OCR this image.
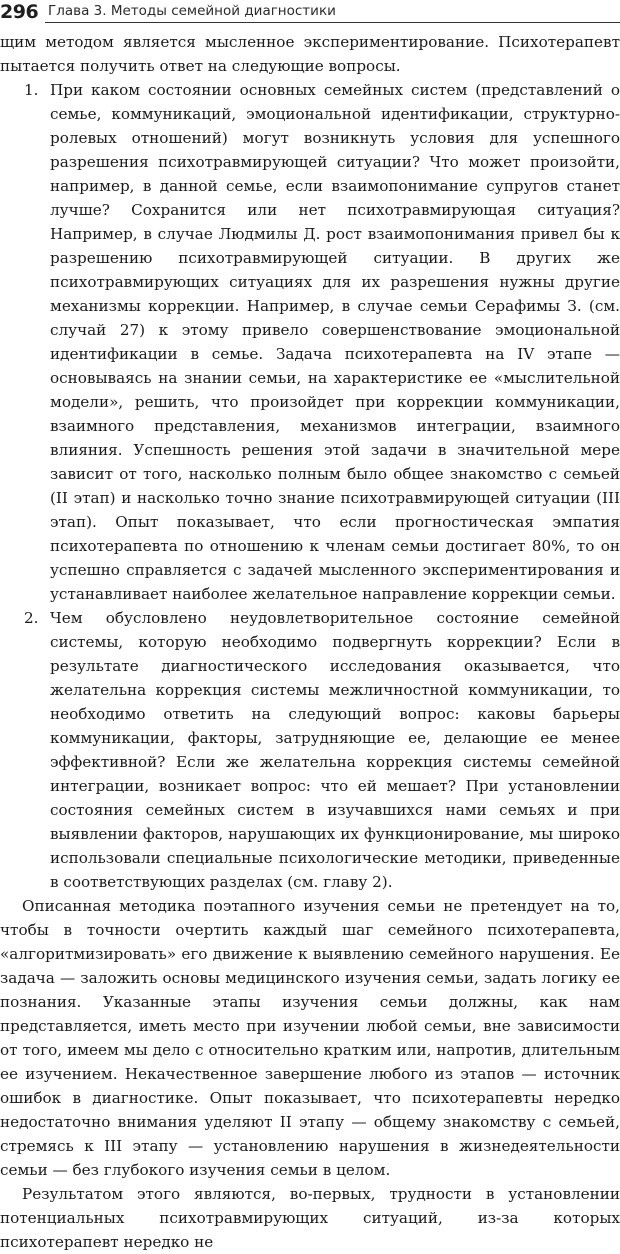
296 Глава 3. Методы семейной диагностики

щим методом является мысленное экспериментирование. Психотерапевт пытается получить ответ на следующие вопросы.

1. При каком состоянии основных семейных систем (представлений о семье, коммуникаций, эмоциональной идентификации, структурно-ролевых отношений) могут возникнуть условия для успешного разрешения психотравмирующей ситуации? Что может произойти, например, в данной семье, если взаимопонимание супругов станет лучше? Сохранится или нет психотравмирующая ситуация? Например, в случае Людмилы Д. рост взаимопонимания привел бы к разрешению психотравмирующей ситуации. В других же психотравмирующих ситуациях для их разрешения нужны другие механизмы коррекции. Например, в случае семьи Серафимы З. (см. случай 27) к этому привело совершенствование эмоциональной идентификации в семье. Задача психотерапевта на IV этапе — основываясь на знании семьи, на характеристике ее «мыслительной модели», решить, что произойдет при коррекции коммуникации, взаимного представления, механизмов интеграции, взаимного влияния. Успешность решения этой задачи в значительной мере зависит от того, насколько полным было общее знакомство с семьей (II этап) и насколько точно знание психотравмирующей ситуации (III этап). Опыт показывает, что если прогностическая эмпатия психотерапевта по отношению к членам семьи достигает 80%, то он успешно справляется с задачей мысленного экспериментирования и устанавливает наиболее желательное направление коррекции семьи.
2. Чем обусловлено неудовлетворительное состояние семейной системы, которую необходимо подвергнуть коррекции? Если в результате диагностического исследования оказывается, что желательна коррекция системы межличностной коммуникации, то необходимо ответить на следующий вопрос: каковы барьеры коммуникации, факторы, затрудняющие ее, делающие ее менее эффективной? Если же желательна коррекция системы семейной интеграции, возникает вопрос: что ей мешает? При установлении состояния семейных систем в изучавшихся нами семьях и при выявлении факторов, нарушающих их функционирование, мы широко использовали специальные психологические методики, приведенные в соответствующих разделах (см. главу 2).

Описанная методика поэтапного изучения семьи не претендует на то, чтобы в точности очертить каждый шаг семейного психотерапевта, «алгоритмизировать» его движение к выявлению семейного нарушения. Ее задача — заложить основы медицинского изучения семьи, задать логику ее познания. Указанные этапы изучения семьи должны, как нам представляется, иметь место при изучении любой семьи, вне зависимости от того, имеем мы дело с относительно кратким или, напротив, длительным ее изучением. Некачественное завершение любого из этапов — источник ошибок в диагностике. Опыт показывает, что психотерапевты нередко недостаточно внимания уделяют II этапу — общему знакомству с семьей, стремясь к III этапу — установлению нарушения в жизнедеятельности семьи — без глубокого изучения семьи в целом.

Результатом этого являются, во-первых, трудности в установлении потенциальных психотравмирующих ситуаций, из-за которых психотерапевт нередко не
